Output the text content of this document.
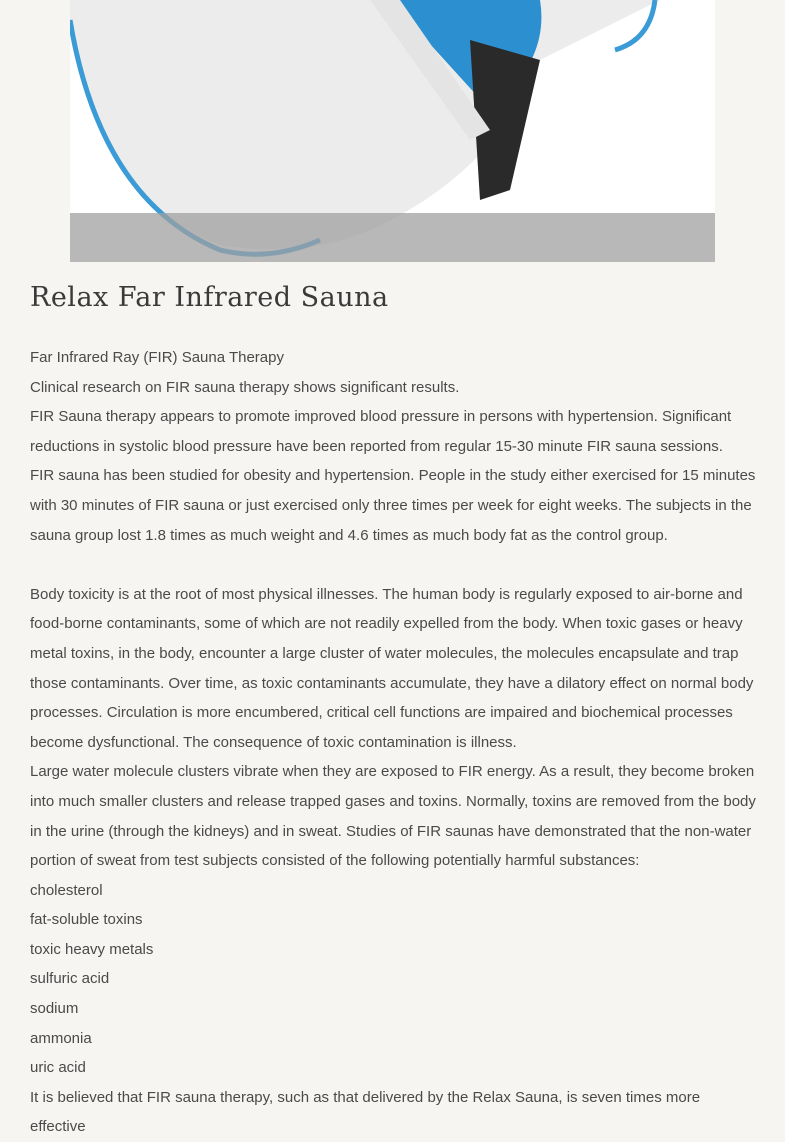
Relax Far Infrared Sauna

Far Infrared Ray (FIR) Sauna Therapy

Clinical research on FIR sauna therapy shows significant results.

FIR Sauna therapy appears to promote improved blood pressure in persons with hypertension. Significant reductions in systolic blood pressure have been reported from regular 15-30 minute FIR sauna sessions.

FIR sauna has been studied for obesity and hypertension. People in the study either exercised for 15 minutes with 30 minutes of FIR sauna or just exercised only three times per week for eight weeks. The subjects in the sauna group lost 1.8 times as much weight and 4.6 times as much body fat as the control group.

Body toxicity is at the root of most physical illnesses. The human body is regularly exposed to air-borne and food-borne contaminants, some of which are not readily expelled from the body. When toxic gases or heavy metal toxins, in the body, encounter a large cluster of water molecules, the molecules encapsulate and trap those contaminants. Over time, as toxic contaminants accumulate, they have a dilatory effect on normal body processes. Circulation is more encumbered, critical cell functions are impaired and biochemical processes become dysfunctional. The consequence of toxic contamination is illness.

Large water molecule clusters vibrate when they are exposed to FIR energy. As a result, they become broken into much smaller clusters and release trapped gases and toxins. Normally, toxins are removed from the body in the urine (through the kidneys) and in sweat. Studies of FIR saunas have demonstrated that the non-water portion of sweat from test subjects consisted of the following potentially harmful substances:

cholesterol

fat-soluble toxins

toxic heavy metals

sulfuric acid

sodium

ammonia

uric acid

It is believed that FIR sauna therapy, such as that delivered by the Relax Sauna, is seven times more effective
